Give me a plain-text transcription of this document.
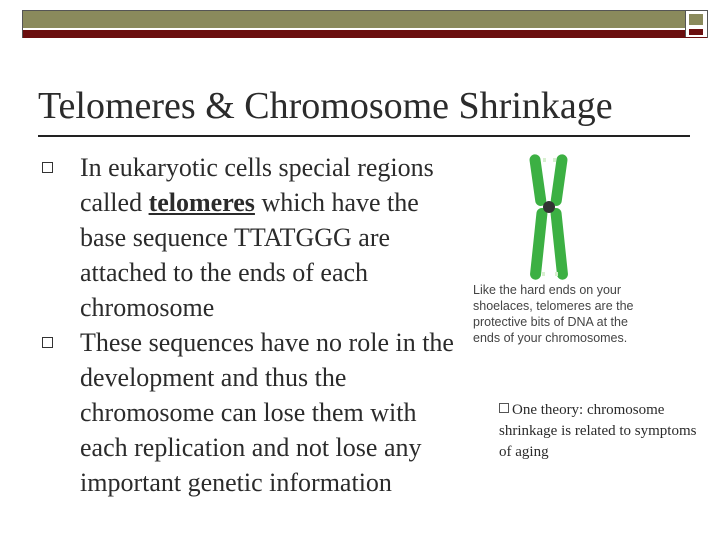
Telomeres & Chromosome Shrinkage
In eukaryotic cells special regions called telomeres which have the base sequence TTATGGG are attached to the ends of each chromosome
These sequences have no role in the development and thus the chromosome can lose them with each replication and not lose any important genetic information
Like the hard ends on your shoelaces, telomeres are the protective bits of DNA at the ends of your chromosomes.
One theory: chromosome shrinkage is related to symptoms of aging
